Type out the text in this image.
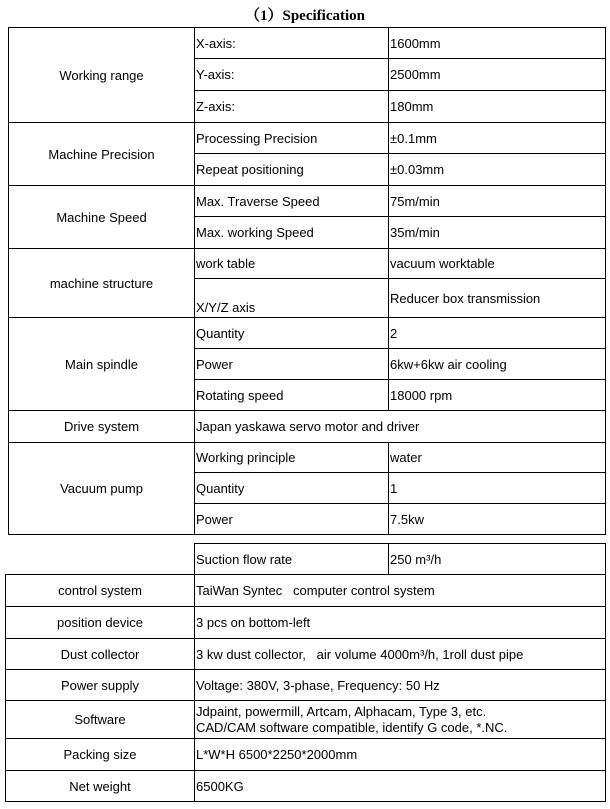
（1）Specification
Working range	X-axis:	1600mm
	Y-axis:	2500mm
	Z-axis:	180mm
Machine Precision	Processing Precision	±0.1mm
	Repeat positioning	±0.03mm
Machine Speed	Max. Traverse Speed	75m/min
	Max. working Speed	35m/min
machine structure	work table	vacuum worktable
	X/Y/Z axis	Reducer box transmission
Main spindle	Quantity	2
	Power	6kw+6kw air cooling
	Rotating speed	18000 rpm
Drive system	Japan yaskawa servo motor and driver	
Vacuum pump	Working principle	water
	Quantity	1
	Power	7.5kw
	Suction flow rate	250 m³/h
control system	TaiWan Syntec   computer control system	
position device	3 pcs on bottom-left	
Dust collector	3 kw dust collector,   air volume 4000m³/h, 1roll dust pipe	
Power supply	Voltage: 380V, 3-phase, Frequency: 50 Hz	
Software	Jdpaint, powermill, Artcam, Alphacam, Type 3, etc.
CAD/CAM software compatible, identify G code, *.NC.	

Packing size	L*W*H 6500*2250*2000mm	
Net weight	6500KG	
